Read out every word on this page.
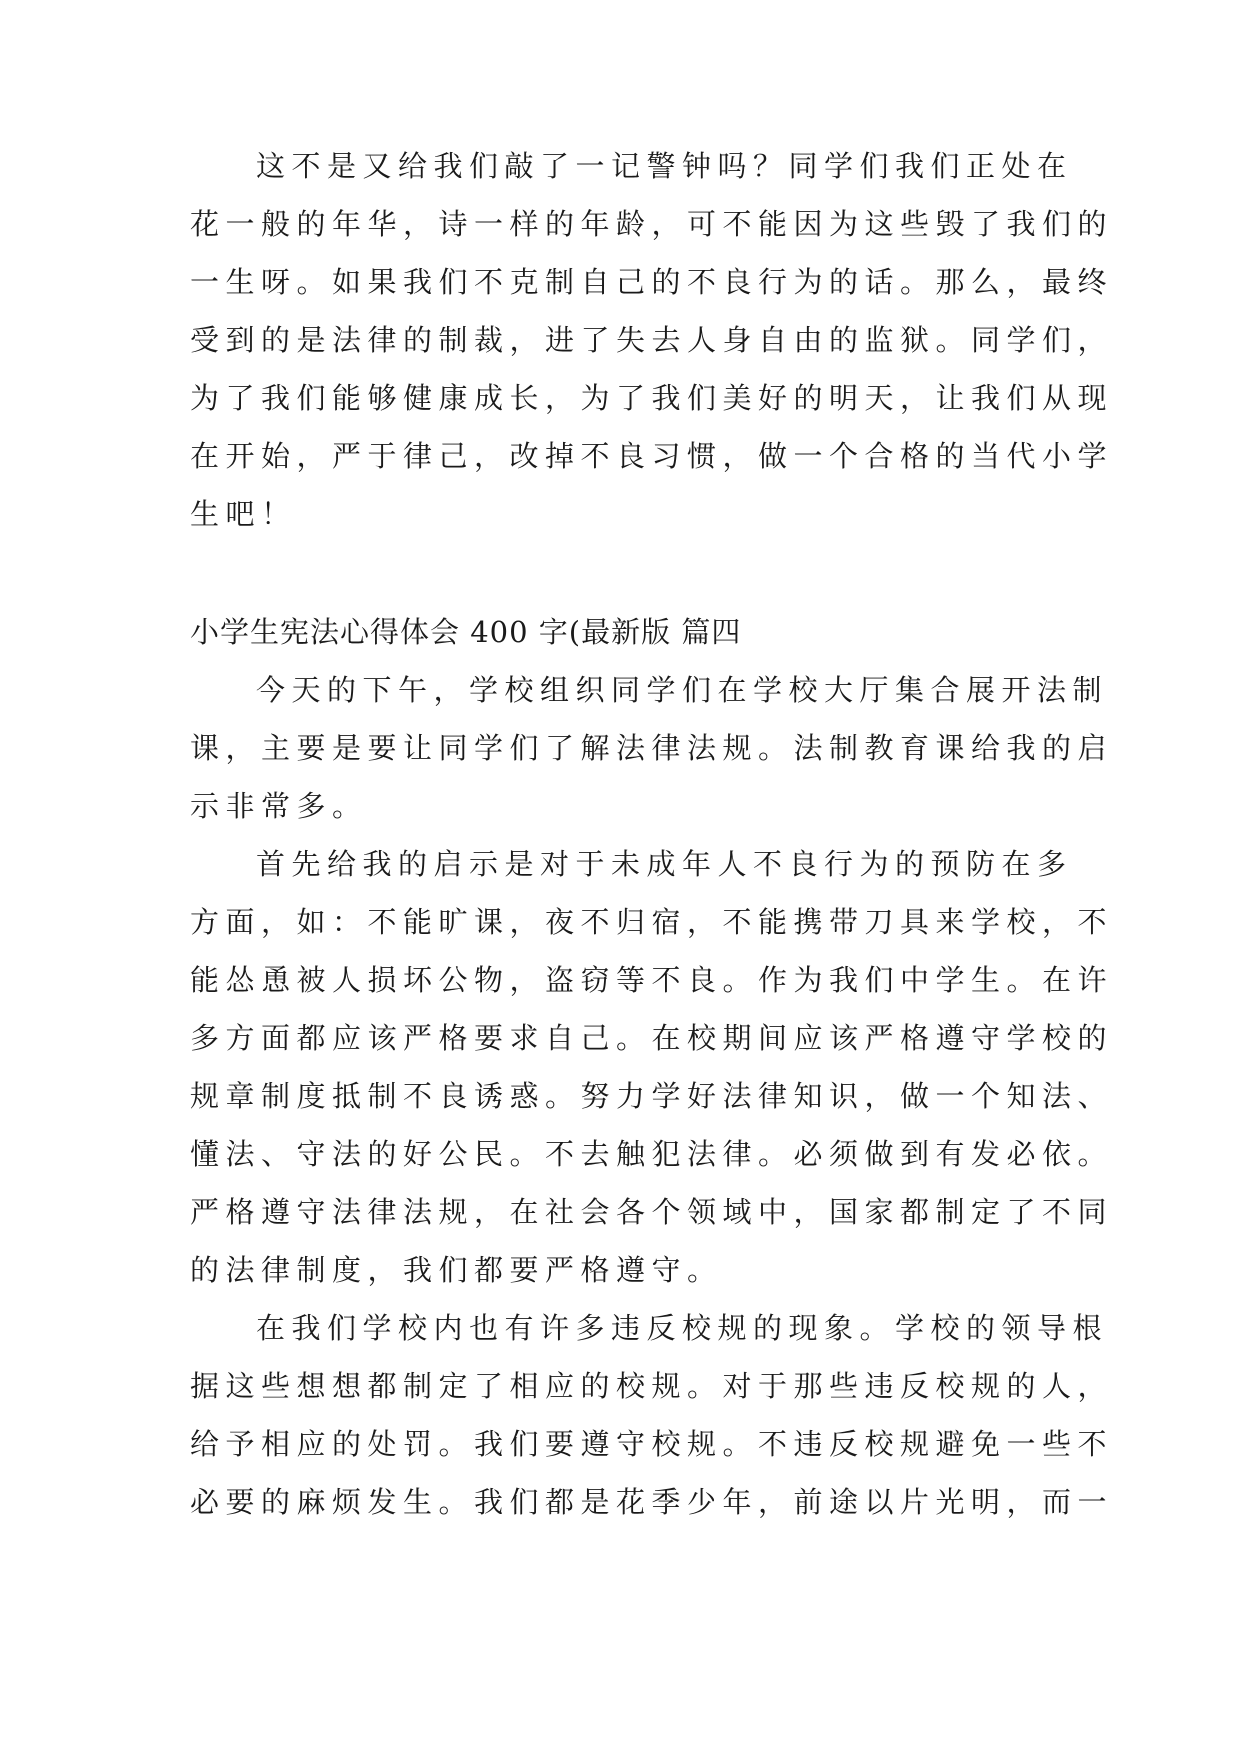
这不是又给我们敲了一记警钟吗？同学们我们正处在
花一般的年华，诗一样的年龄，可不能因为这些毁了我们的
一生呀。如果我们不克制自己的不良行为的话。那么，最终
受到的是法律的制裁，进了失去人身自由的监狱。同学们，
为了我们能够健康成长，为了我们美好的明天，让我们从现
在开始，严于律己，改掉不良习惯，做一个合格的当代小学
生吧！
小学生宪法心得体会 400 字(最新版 篇四
今天的下午，学校组织同学们在学校大厅集合展开法制
课，主要是要让同学们了解法律法规。法制教育课给我的启
示非常多。
首先给我的启示是对于未成年人不良行为的预防在多
方面，如：不能旷课，夜不归宿，不能携带刀具来学校，不
能怂恿被人损坏公物，盗窃等不良。作为我们中学生。在许
多方面都应该严格要求自己。在校期间应该严格遵守学校的
规章制度抵制不良诱惑。努力学好法律知识，做一个知法、
懂法、守法的好公民。不去触犯法律。必须做到有发必依。
严格遵守法律法规，在社会各个领域中，国家都制定了不同
的法律制度，我们都要严格遵守。
在我们学校内也有许多违反校规的现象。学校的领导根
据这些想想都制定了相应的校规。对于那些违反校规的人，
给予相应的处罚。我们要遵守校规。不违反校规避免一些不
必要的麻烦发生。我们都是花季少年，前途以片光明，而一
